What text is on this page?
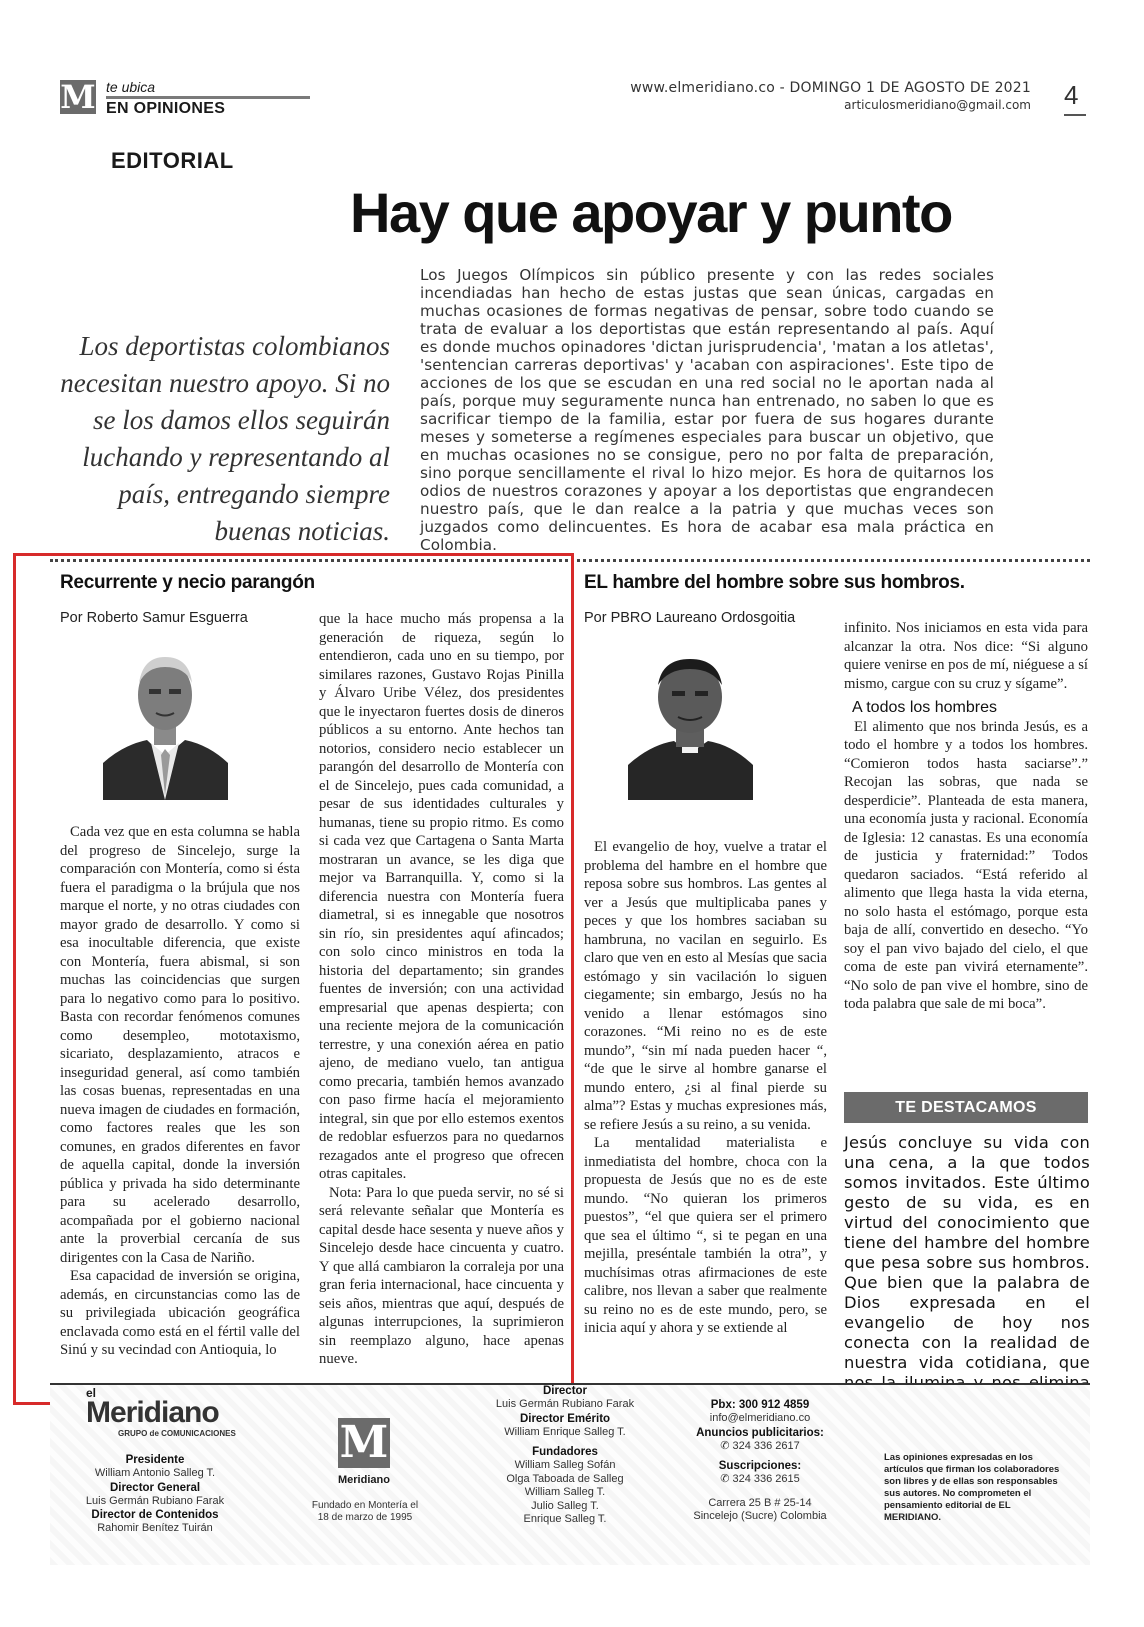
M te ubica
EN OPINIONES
www.elmeridiano.co - DOMINGO 1 DE AGOSTO DE 2021
articulosmeridiano@gmail.com 4
EDITORIAL
Hay que apoyar y punto
Los Juegos Olímpicos sin público presente y con las redes sociales incendiadas han hecho de estas justas que sean únicas, cargadas en muchas ocasiones de formas negativas de pensar, sobre todo cuando se trata de evaluar a los deportistas que están representando al país. Aquí es donde muchos opinadores 'dictan jurisprudencia', 'matan a los atletas', 'sentencian carreras deportivas' y 'acaban con aspiraciones'. Este tipo de acciones de los que se escudan en una red social no le aportan nada al país, porque muy seguramente nunca han entrenado, no saben lo que es sacrificar tiempo de la familia, estar por fuera de sus hogares durante meses y someterse a regímenes especiales para buscar un objetivo, que en muchas ocasiones no se consigue, pero no por falta de preparación, sino porque sencillamente el rival lo hizo mejor. Es hora de quitarnos los odios de nuestros corazones y apoyar a los deportistas que engrandecen nuestro país, que le dan realce a la patria y que muchas veces son juzgados como delincuentes. Es hora de acabar esa mala práctica en Colombia.
Los deportistas colombianos necesitan nuestro apoyo. Si no se los damos ellos seguirán luchando y representando al país, entregando siempre buenas noticias.
Recurrente y necio parangón
Por Roberto Samur Esguerra

Cada vez que en esta columna se habla del progreso de Sincelejo, surge la comparación con Montería, como si ésta fuera el paradigma o la brújula que nos marque el norte, y no otras ciudades con mayor grado de desarrollo. Y como si esa inocultable diferencia, que existe con Montería, fuera abismal, si son muchas las coincidencias que surgen para lo negativo como para lo positivo. Basta con recordar fenómenos comunes como desempleo, mototaxismo, sicariato, desplazamiento, atracos e inseguridad general, así como también las cosas buenas, representadas en una nueva imagen de ciudades en formación, como factores reales que les son comunes, en grados diferentes en favor de aquella capital, donde la inversión pública y privada ha sido determinante para su acelerado desarrollo, acompañada por el gobierno nacional ante la proverbial cercanía de sus dirigentes con la Casa de Nariño.

Esa capacidad de inversión se origina, además, en circunstancias como las de su privilegiada ubicación geográfica enclavada como está en el fértil valle del Sinú y su vecindad con Antioquia, lo

que la hace mucho más propensa a la generación de riqueza, según lo entendieron, cada uno en su tiempo, por similares razones, Gustavo Rojas Pinilla y Álvaro Uribe Vélez, dos presidentes que le inyectaron fuertes dosis de dineros públicos a su entorno. Ante hechos tan notorios, considero necio establecer un parangón del desarrollo de Montería con el de Sincelejo, pues cada comunidad, a pesar de sus identidades culturales y humanas, tiene su propio ritmo. Es como si cada vez que Cartagena o Santa Marta mostraran un avance, se les diga que mejor va Barranquilla. Y, como si la diferencia nuestra con Montería fuera diametral, si es innegable que nosotros sin río, sin presidentes aquí afincados; con solo cinco ministros en toda la historia del departamento; sin grandes fuentes de inversión; con una actividad empresarial que apenas despierta; con una reciente mejora de la comunicación terrestre, y una conexión aérea en patio ajeno, de mediano vuelo, tan antigua como precaria, también hemos avanzado con paso firme hacía el mejoramiento integral, sin que por ello estemos exentos de redoblar esfuerzos para no quedarnos rezagados ante el progreso que ofrecen otras capitales.

Nota: Para lo que pueda servir, no sé si será relevante señalar que Montería es capital desde hace sesenta y nueve años y Sincelejo desde hace cincuenta y cuatro. Y que allá cambiaron la corraleja por una gran feria internacional, hace cincuenta y seis años, mientras que aquí, después de algunas interrupciones, la suprimieron sin reemplazo alguno, hace apenas nueve.

EL hambre del hombre sobre sus hombros.
Por PBRO Laureano Ordosgoitia

El evangelio de hoy, vuelve a tratar el problema del hambre en el hombre que reposa sobre sus hombros. Las gentes al ver a Jesús que multiplicaba panes y peces y que los hombres saciaban su hambruna, no vacilan en seguirlo. Es claro que ven en esto al Mesías que sacia estómago y sin vacilación lo siguen ciegamente; sin embargo, Jesús no ha venido a llenar estómagos sino corazones. “Mi reino no es de este mundo”, “sin mí nada pueden hacer “, “de que le sirve al hombre ganarse el mundo entero, ¿si al final pierde su alma”? Estas y muchas expresiones más, se refiere Jesús a su reino, a su venida.

La mentalidad materialista e inmediatista del hombre, choca con la propuesta de Jesús que no es de este mundo. “No quieran los primeros puestos”, “el que quiera ser el primero que sea el último “, si te pegan en una mejilla, preséntale también la otra”, y muchísimas otras afirmaciones de este calibre, nos llevan a saber que realmente su reino no es de este mundo, pero, se inicia aquí y ahora y se extiende al

infinito. Nos iniciamos en esta vida para alcanzar la otra. Nos dice: “Si alguno quiere venirse en pos de mí, niéguese a sí mismo, cargue con su cruz y sígame”.

A todos los hombres

El alimento que nos brinda Jesús, es a todo el hombre y a todos los hombres. “Comieron todos hasta saciarse”.” Recojan las sobras, que nada se desperdicie”. Planteada de esta manera, una economía justa y racional. Economía de Iglesia: 12 canastas. Es una economía de justicia y fraternidad:” Todos quedaron saciados. “Está referido al alimento que llega hasta la vida eterna, no solo hasta el estómago, porque esta baja de allí, convertido en desecho. “Yo soy el pan vivo bajado del cielo, el que coma de este pan vivirá eternamente”. “No solo de pan vive el hombre, sino de toda palabra que sale de mi boca”.

TE DESTACAMOS
Jesús concluye su vida con una cena, a la que todos somos invitados. Este último gesto de su vida, es en virtud del conocimiento que tiene del hambre del hombre que pesa sobre sus hombros. Que bien que la palabra de Dios expresada en el evangelio de hoy nos conecta con la realidad de nuestra vida cotidiana, que
el
Meridiano
GRUPO de COMUNICACIONES
Presidente
William Antonio Salleg T.
Director General
Luis Germán Rubiano Farak
Director de Contenidos
Rahomir Benítez Tuirán
M
Meridiano
Fundado en Montería el 18 de marzo de 1995
Director
Luis Germán Rubiano Farak
Director Emérito
William Enrique Salleg T.
Fundadores
William Salleg Sofán
Olga Taboada de Salleg
William Salleg T.
Julio Salleg T.
Enrique Salleg T.
Pbx: 300 912 4859
info@elmeridiano.co
Anuncios publicitarios:
✆ 324 336 2617
Suscripciones:
✆ 324 336 2615
Carrera 25 B # 25-14
Sincelejo (Sucre) Colombia
Las opiniones expresadas en los artículos que firman los colaboradores son libres y de ellas son responsables sus autores. No comprometen el pensamiento editorial de EL MERIDIANO.
